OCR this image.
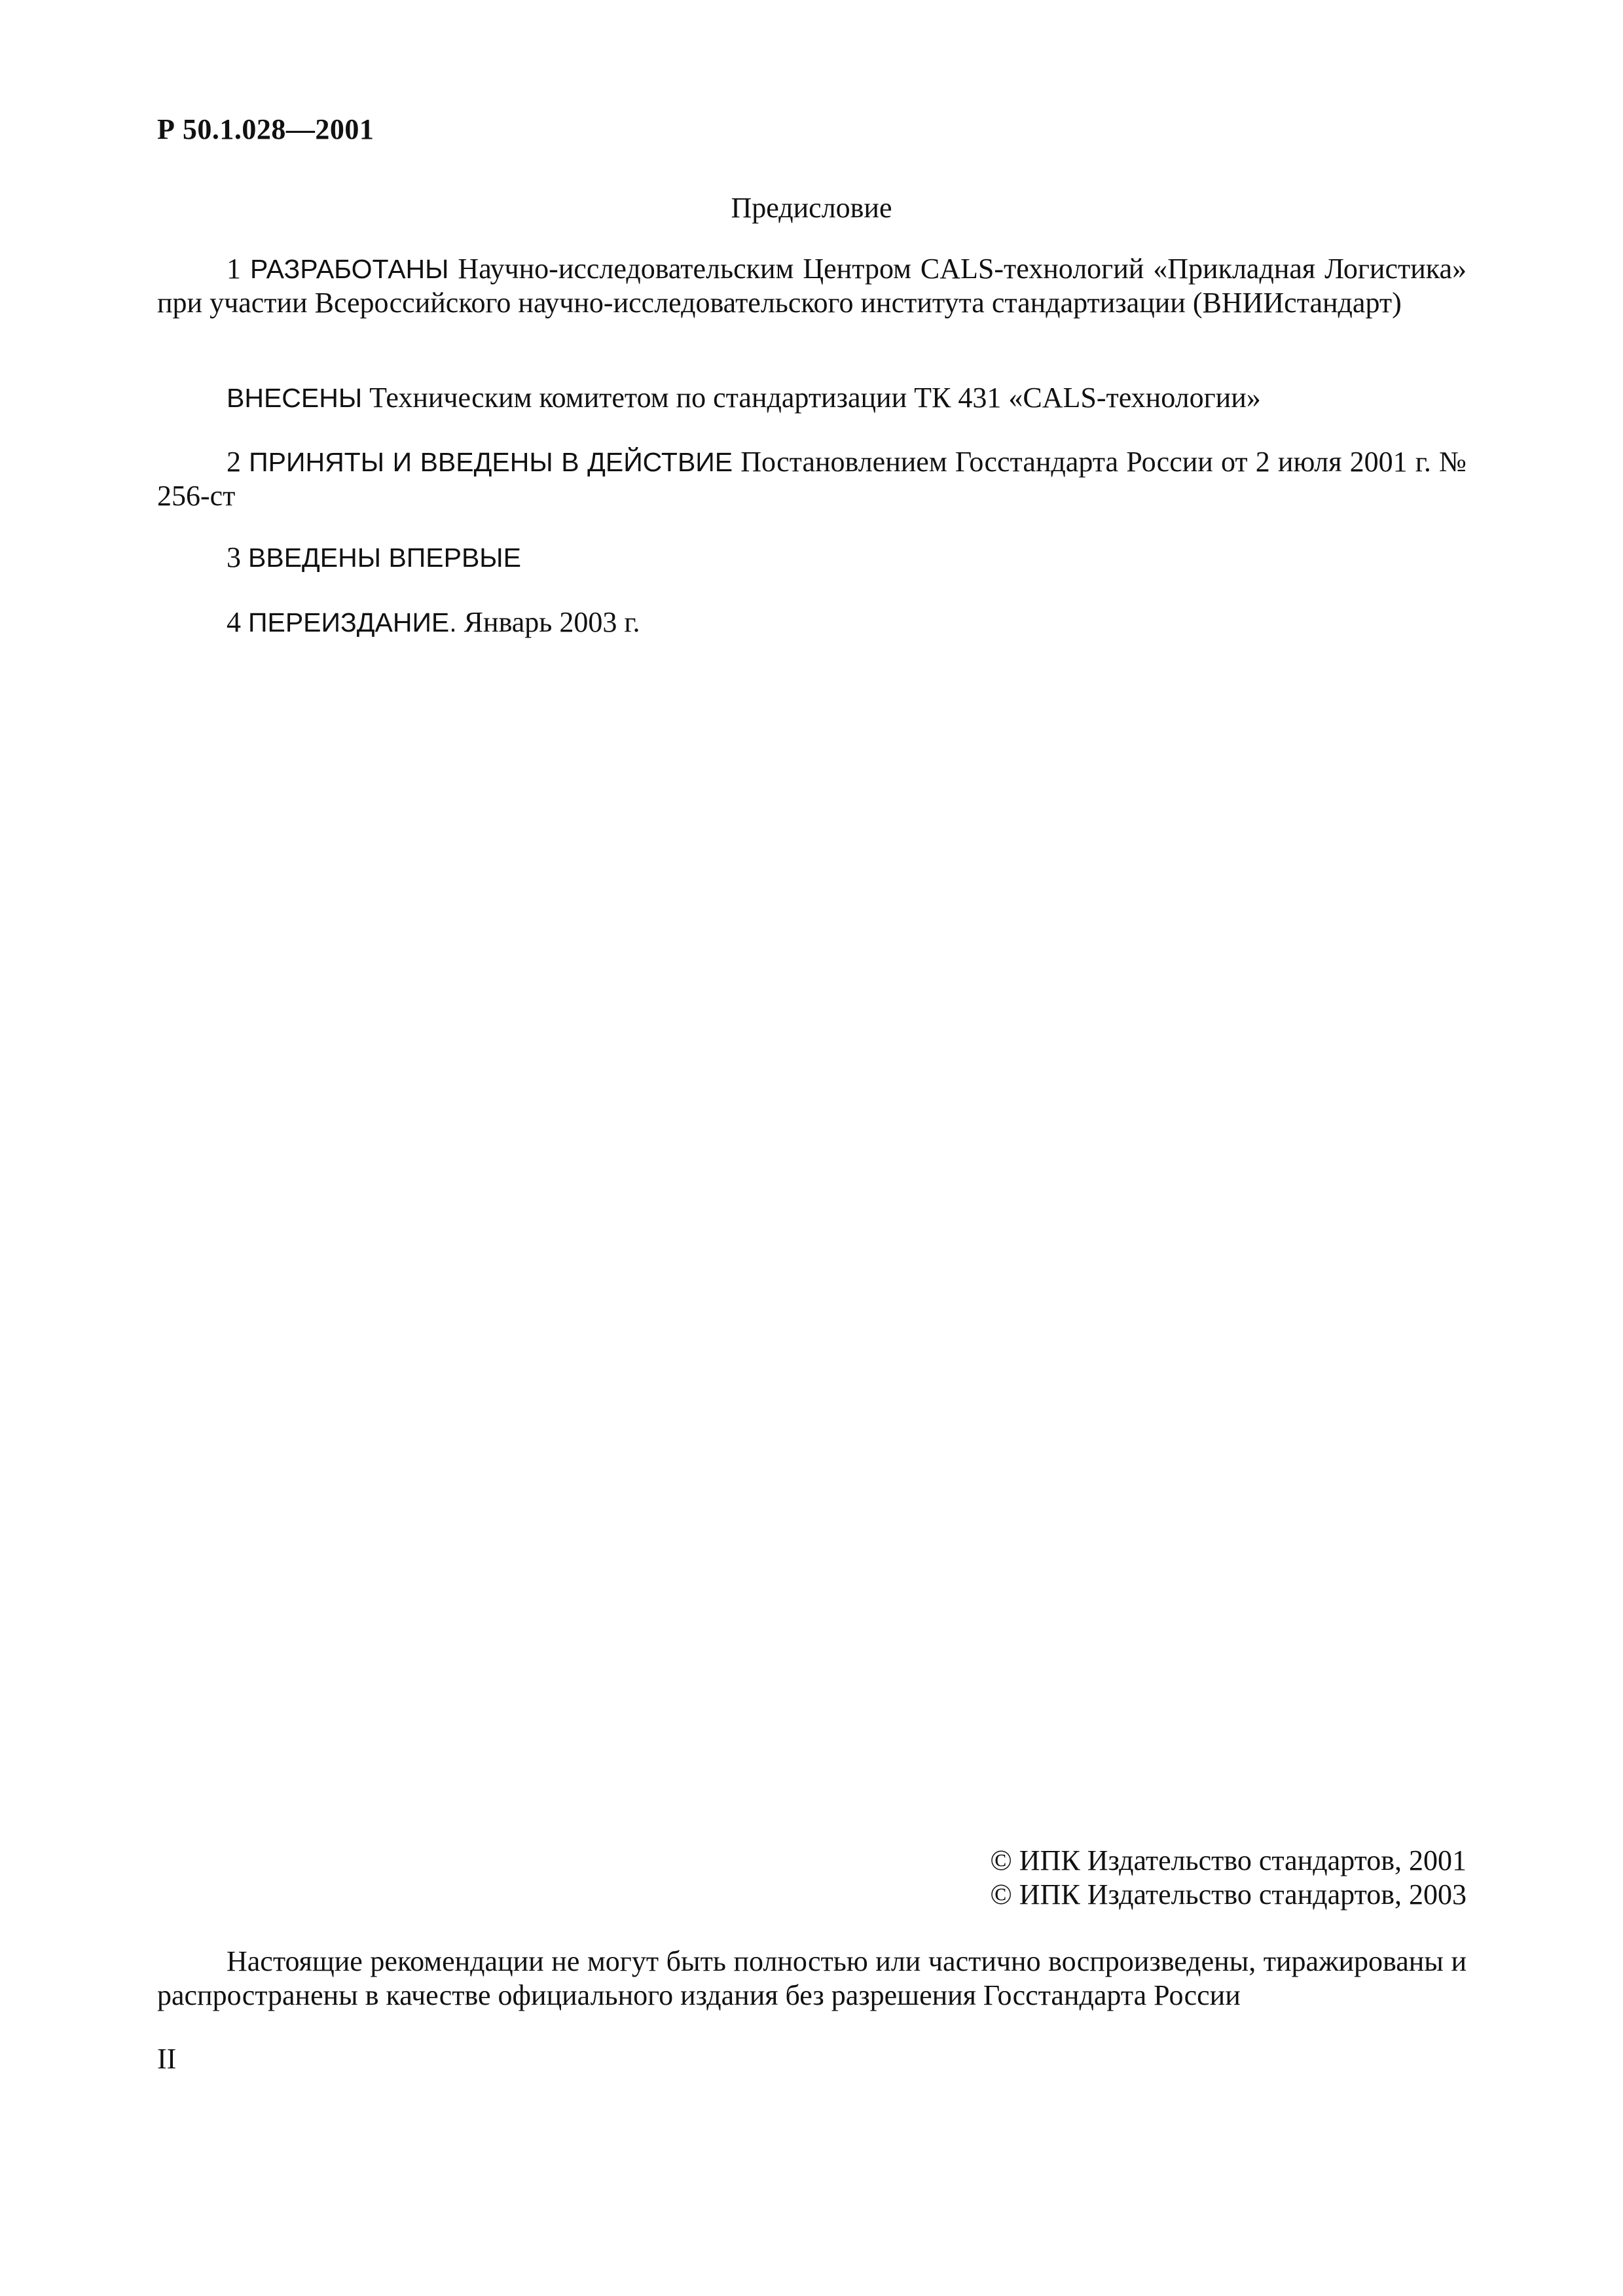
Р 50.1.028—2001
Предисловие
1 РАЗРАБОТАНЫ Научно-исследовательским Центром CALS-технологий «Прикладная Логистика» при участии Всероссийского научно-исследовательского института стандартизации (ВНИИстандарт)
ВНЕСЕНЫ Техническим комитетом по стандартизации ТК 431 «CALS-технологии»
2 ПРИНЯТЫ И ВВЕДЕНЫ В ДЕЙСТВИЕ Постановлением Госстандарта России от 2 июля 2001 г. № 256-ст
3 ВВЕДЕНЫ ВПЕРВЫЕ
4 ПЕРЕИЗДАНИЕ. Январь 2003 г.
© ИПК Издательство стандартов, 2001
© ИПК Издательство стандартов, 2003
Настоящие рекомендации не могут быть полностью или частично воспроизведены, тиражированы и распространены в качестве официального издания без разрешения Госстандарта России
II
